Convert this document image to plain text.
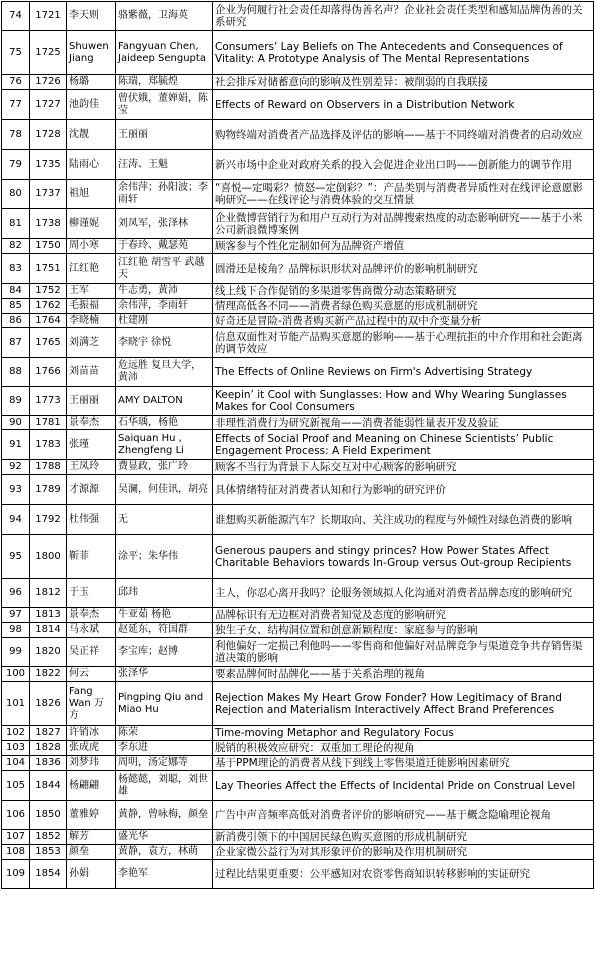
74	1721	李天则	骆紫薇，卫海英	企业为何履行社会责任却落得伪善名声？企业社会责任类型和感知品牌伪善的关系研究
75	1725	Shuwen Jiang	Fangyuan Chen, Jaideep Sengupta	Consumers’ Lay Beliefs on The Antecedents and Consequences of Vitality: A Prototype Analysis of The Mental Representations
76	1726	杨璐	陈瑞，郑毓煌	社会排斥对储蓄意向的影响及性别差异：被削弱的自我联接
77	1727	池韵佳	曾伏娥，董婵娟，陈莹	Effects of Reward on Observers in a Distribution Network
78	1728	沈靓	王丽丽	购物终端对消费者产品选择及评估的影响——基于不同终端对消费者的启动效应
79	1735	陆雨心	汪涛、王魁	新兴市场中企业对政府关系的投入会促进企业出口吗——创新能力的调节作用
80	1737	祖旭	余伟萍；孙阳波；李雨轩	“喜悦—定喝彩？愤怒—定倒彩？”：产品类别与消费者异质性对在线评论意愿影响研究——在线评论与消费体验的交互情景
81	1738	柳谨妮	刘凤军，张泽林	企业微博营销行为和用户互动行为对品牌搜索热度的动态影响研究——基于小米公司新浪微博案例
82	1750	周小寒	于春玲、戴瑟苑	顾客参与个性化定制如何为品牌资产增值
83	1751	江红艳	江红艳 胡雪平 武越天	圆滑还是棱角？品牌标识形状对品牌评价的影响机制研究
84	1752	王军	牛志勇，黄沛	线上线下合作促销的多渠道零售商微分动态策略研究
85	1762	毛振福	余伟萍，李雨轩	情理高低各不同——消费者绿色购买意愿的形成机制研究
86	1764	李晓楠	杜建刚	好奇还是冒险-消费者购买新产品过程中的双中介变量分析
87	1765	刘满芝	李晓宇 徐悦	信息双面性对节能产品购买意愿的影响——基于心理抗拒的中介作用和社会距离的调节效应
88	1766	刘苗苗	危远胜 复旦大学，黄沛	The Effects of Online Reviews on Firm's Advertising Strategy
89	1773	王丽丽	AMY DALTON	Keepin’ it Cool with Sunglasses: How and Why Wearing Sunglasses Makes for Cool Consumers
90	1781	景奉杰	石华瑀，杨艳	非理性消费行为研究新视角——消费者能弱性量表开发及验证
91	1783	张瑾	Saiquan Hu , Zhengfeng Li	Effects of Social Proof and Meaning on Chinese Scientists’ Public Engagement Process: A Field Experiment
92	1788	王凤玲	费显政，张广玲	顾客不当行为背景下人际交互对中心顾客的影响研究
93	1789	才源源	吴澜，何佳讯，胡亮	具体情绪特征对消费者认知和行为影响的研究评价
94	1792	杜伟强	无	谁想购买新能源汽车？长期取向、关注成功的程度与外倾性对绿色消费的影响
95	1800	靳菲	涂平；朱华伟	Generous paupers and stingy princes? How Power States Affect Charitable Behaviors towards In-Group versus Out-group Recipients
96	1812	于玉	邱玮	主人，你忍心离开我吗？论服务领域拟人化沟通对消费者品牌态度的影响研究
97	1813	景奉杰	牛亚茹 杨艳	品牌标识有无边框对消费者知觉及态度的影响研究
98	1814	马永斌	赵延东，符国群	独生子女、结构洞位置和创意新颖程度：家庭参与的影响
99	1820	吴正祥	李宝库；赵博	利他偏好一定损己利他吗——零售商和他偏好对品牌竞争与渠道竞争共存销售渠道决策的影响
100	1822	何云	张泽华	要素品牌何时品牌化——基于关系治理的视角
101	1826	Fang Wan 万方	Pingping Qiu and Miao Hu	Rejection Makes My Heart Grow Fonder? How Legitimacy of Brand Rejection and Materialism Interactively Affect Brand Preferences
102	1827	许销冰	陈荣	Time-moving Metaphor and Regulatory Focus
103	1828	张成虎	李东进	脱销的积极效应研究：双重加工理论的视角
104	1836	刘梦玮	周明，汤定娜等	基于PPM理论的消费者从线下到线上零售渠道迁徙影响因素研究
105	1844	杨翩翩	杨懿懿，刘聪，刘世雄	Lay Theories Affect the Effects of Incidental Pride on Construal Level
106	1850	董雅婷	黄静，曾咏梅，颜垒	广告中声音频率高低对消费者评价的影响研究——基于概念隐喻理论视角
107	1852	解芳	盛光华	新消费引领下的中国居民绿色购买意图的形成机制研究
108	1853	颜垒	黄静，袁方，林萌	企业家微公益行为对其形象评价的影响及作用机制研究
109	1854	孙娟	李艳军	过程比结果更重要：公平感知对农资零售商知识转移影响的实证研究
